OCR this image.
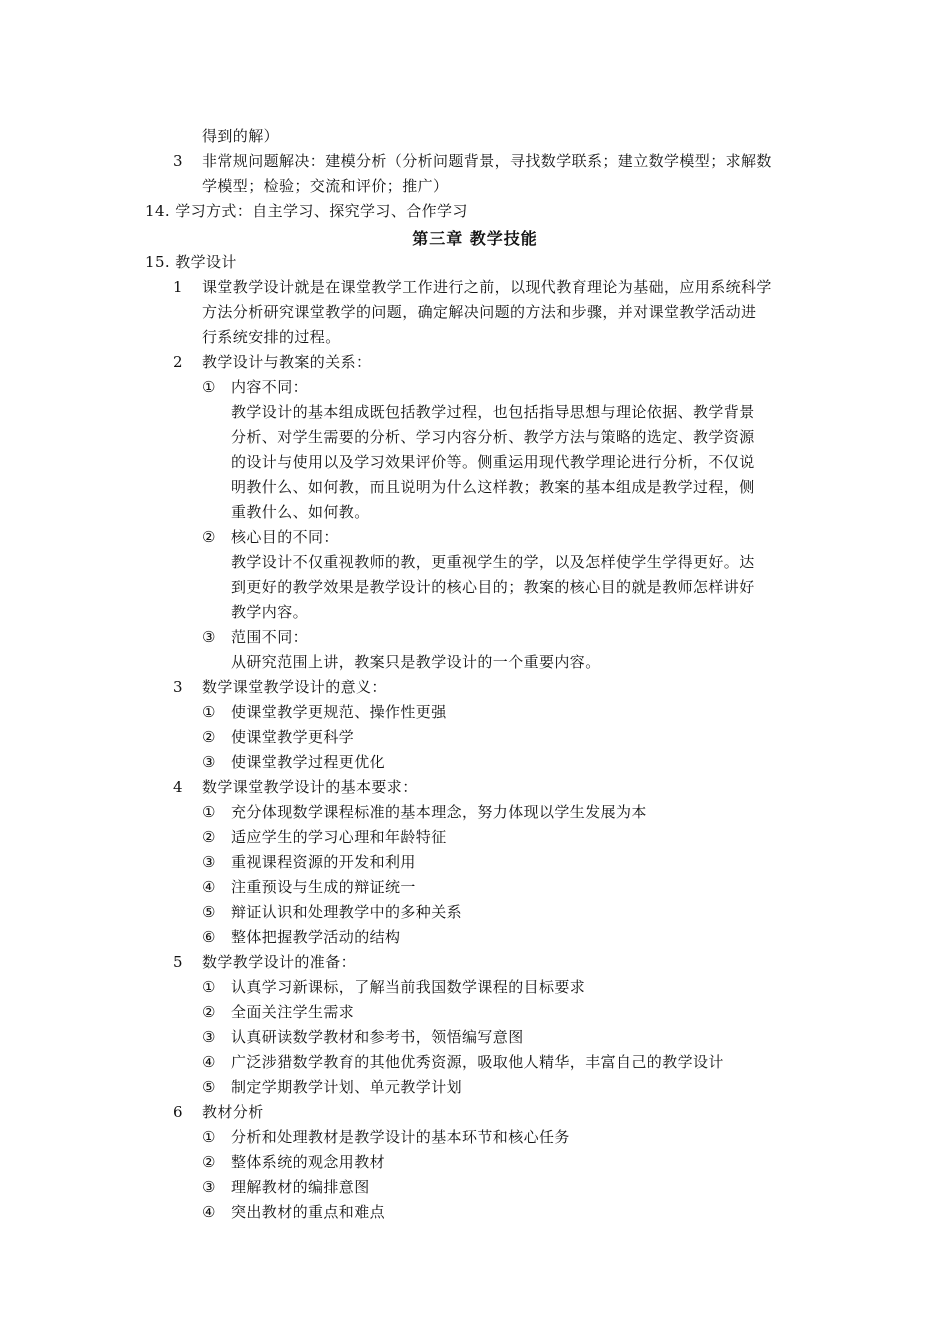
得到的解）
3	非常规问题解决：建模分析（分析问题背景，寻找数学联系；建立数学模型；求解数
学模型；检验；交流和评价；推广）
14. 学习方式：自主学习、探究学习、合作学习
第三章 教学技能
15. 教学设计
1	课堂教学设计就是在课堂教学工作进行之前，以现代教育理论为基础，应用系统科学
方法分析研究课堂教学的问题，确定解决问题的方法和步骤，并对课堂教学活动进
行系统安排的过程。
2	教学设计与教案的关系：
①	内容不同：
教学设计的基本组成既包括教学过程，也包括指导思想与理论依据、教学背景
分析、对学生需要的分析、学习内容分析、教学方法与策略的选定、教学资源
的设计与使用以及学习效果评价等。侧重运用现代教学理论进行分析，不仅说
明教什么、如何教，而且说明为什么这样教；教案的基本组成是教学过程，侧
重教什么、如何教。
②	核心目的不同：
教学设计不仅重视教师的教，更重视学生的学，以及怎样使学生学得更好。达
到更好的教学效果是教学设计的核心目的；教案的核心目的就是教师怎样讲好
教学内容。
③	范围不同：
从研究范围上讲，教案只是教学设计的一个重要内容。
3	数学课堂教学设计的意义：
①	使课堂教学更规范、操作性更强
②	使课堂教学更科学
③	使课堂教学过程更优化
4	数学课堂教学设计的基本要求：
①	充分体现数学课程标准的基本理念，努力体现以学生发展为本
②	适应学生的学习心理和年龄特征
③	重视课程资源的开发和利用
④	注重预设与生成的辩证统一
⑤	辩证认识和处理教学中的多种关系
⑥	整体把握教学活动的结构
5	数学教学设计的准备：
①	认真学习新课标，了解当前我国数学课程的目标要求
②	全面关注学生需求
③	认真研读数学教材和参考书，领悟编写意图
④	广泛涉猎数学教育的其他优秀资源，吸取他人精华，丰富自己的教学设计
⑤	制定学期教学计划、单元教学计划
6	教材分析
①	分析和处理教材是教学设计的基本环节和核心任务
②	整体系统的观念用教材
③	理解教材的编排意图
④	突出教材的重点和难点
